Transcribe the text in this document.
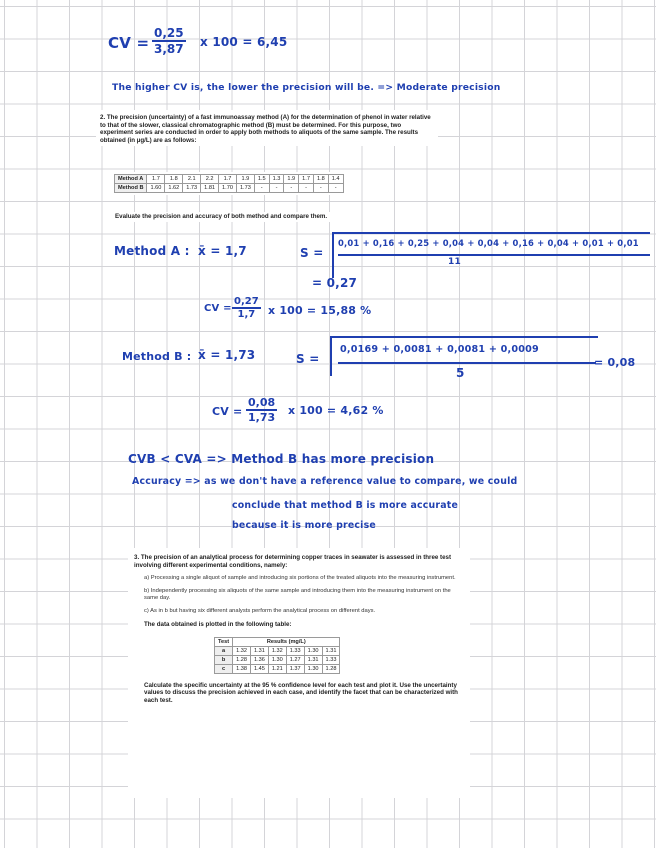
CV = $\frac{0,25}{3,87}$ x 100 = 6,45
The higher CV is, the lower the precision will be. => Moderate precision

2. The precision (uncertainty) of a fast immunoassay method (A) for the determination of phenol in water relative to that of the slower, classical chromatographic method (B) must be determined. For this purpose, two experiment series are conducted in order to apply both methods to aliquots of the same sample. The results obtained (in µg/L) are as follows:

Method A	1.7	1.8	2.1	2.2	1.7	1.9	1.5	1.3	1.9	1.7	1.8	1.4
Method B	1.60	1.62	1.73	1.81	1.70	1.73	-	-	-	-	-	-

Evaluate the precision and accuracy of both method and compare them.

Method A : x̄ = 1,7	S =
0,01 + 0,16 + 0,25 + 0,04 + 0,04 + 0,16 + 0,04 + 0,01 + 0,01
11
= 0,27
CV = $\frac{0,27}{1,7}$ x 100 = 15,88 %
Method B : x̄ = 1,73	S =
0,0169 + 0,0081 + 0,0081 + 0,0009
5
= 0,08
CV = $\frac{0,08}{1,73}$ x 100 = 4,62 %
CVB < CVA => Method B has more precision
Accuracy => as we don't have a reference value to compare, we could
conclude that method B is more accurate
because it is more precise

3. The precision of an analytical process for determining copper traces in seawater is assessed in three test involving different experimental conditions, namely:

a) Processing a single aliquot of sample and introducing six portions of the treated aliquots into the measuring instrument.

b) Independently processing six aliquots of the same sample and introducing them into the measuring instrument on the same day.

c) As in b but having six different analysts perform the analytical process on different days.

The data obtained is plotted in the following table:

Test	Results (mg/L)					
a	1.32	1.31	1.32	1.33	1.30	1.31
b	1.28	1.36	1.30	1.27	1.31	1.33
c	1.38	1.45	1.21	1.37	1.30	1.28

Calculate the specific uncertainty at the 95 % confidence level for each test and plot it. Use the uncertainty values to discuss the precision achieved in each case, and identify the facet that can be characterized with each test.
